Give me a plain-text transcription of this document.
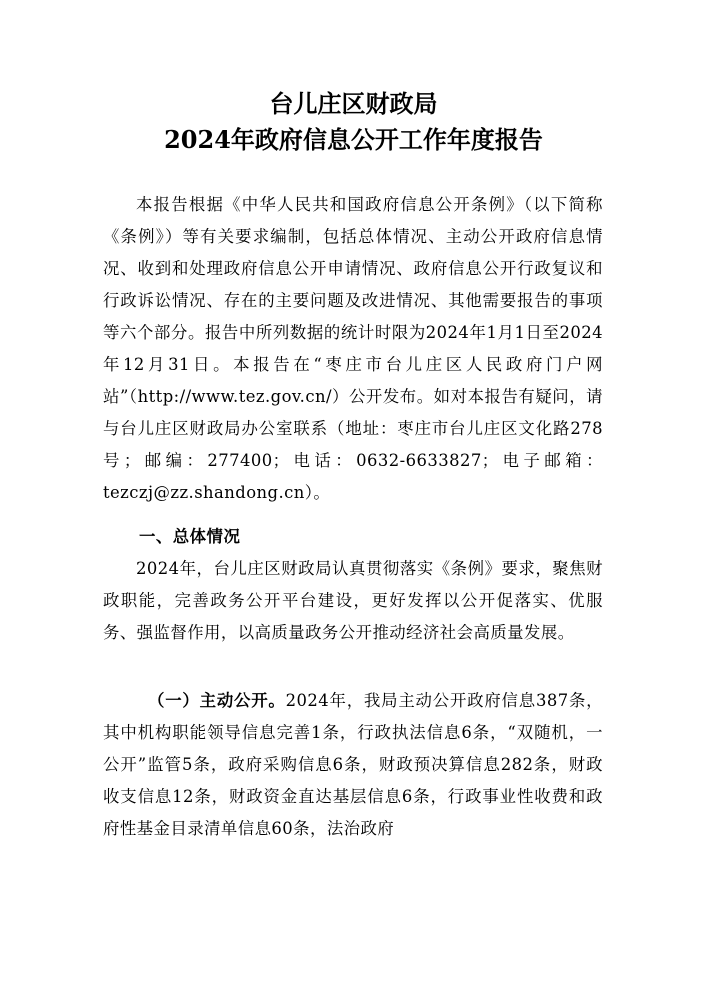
台儿庄区财政局
2024年政府信息公开工作年度报告

本报告根据《中华人民共和国政府信息公开条例》（以下简称《条例》）等有关要求编制，包括总体情况、主动公开政府信息情况、收到和处理政府信息公开申请情况、政府信息公开行政复议和行政诉讼情况、存在的主要问题及改进情况、其他需要报告的事项等六个部分。报告中所列数据的统计时限为2024年1月1日至2024年12月31日。本报告在“枣庄市台儿庄区人民政府门户网站”（http://www.tez.gov.cn/）公开发布。如对本报告有疑问，请与台儿庄区财政局办公室联系（地址：枣庄市台儿庄区文化路278号；邮编：277400；电话：0632-6633827；电子邮箱：tezczj@zz.shandong.cn）。

一、总体情况

2024年，台儿庄区财政局认真贯彻落实《条例》要求，聚焦财政职能，完善政务公开平台建设，更好发挥以公开促落实、优服务、强监督作用，以高质量政务公开推动经济社会高质量发展。

（一）主动公开。2024年，我局主动公开政府信息387条，其中机构职能领导信息完善1条，行政执法信息6条，“双随机，一公开”监管5条，政府采购信息6条，财政预决算信息282条，财政收支信息12条，财政资金直达基层信息6条，行政事业性收费和政府性基金目录清单信息60条，法治政府
